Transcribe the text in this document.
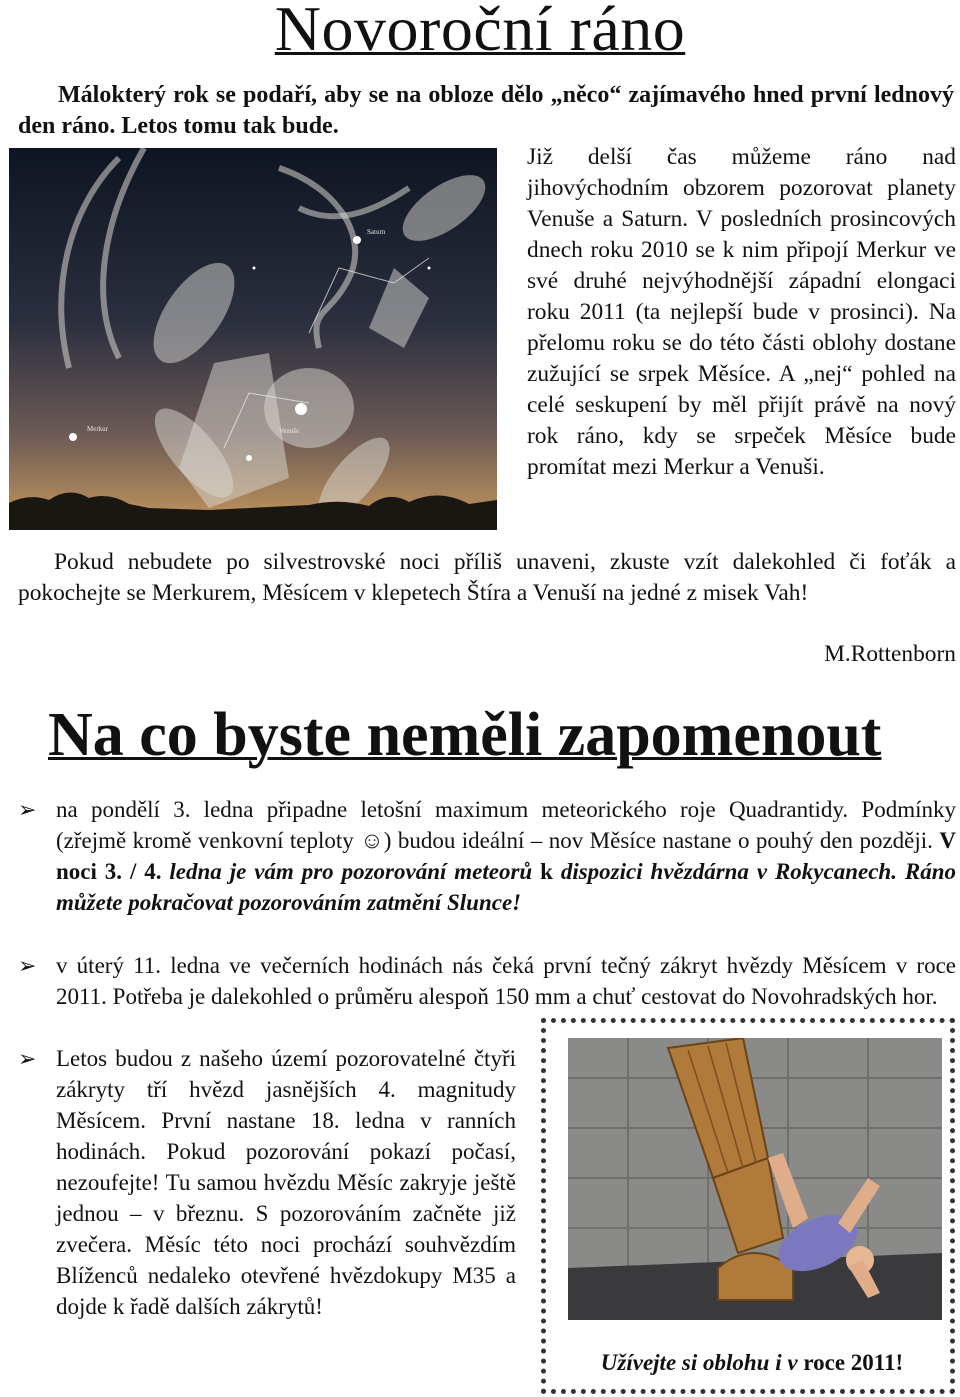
Novoroční ráno

Málokterý rok se podaří, aby se na obloze dělo „něco“ zajímavého hned první lednový den ráno. Letos tomu tak bude.

Saturn
Venuše
Merkur

Již delší čas můžeme ráno nad jihovýchodním obzorem pozorovat planety Venuše a Saturn. V posledních prosincových dnech roku 2010 se k nim připojí Merkur ve své druhé nejvýhodnější západní elongaci roku 2011 (ta nejlepší bude v prosinci). Na přelomu roku se do této části oblohy dostane zužující se srpek Měsíce. A „nej“ pohled na celé seskupení by měl přijít právě na nový rok ráno, kdy se srpeček Měsíce bude promítat mezi Merkur a Venuši.

Pokud nebudete po silvestrovské noci příliš unaveni, zkuste vzít dalekohled či foťák a pokochejte se Merkurem, Měsícem v klepetech Štíra a Venuší na jedné z misek Vah!

M.Rottenborn
Na co byste neměli zapomenout
➢ na pondělí 3. ledna připadne letošní maximum meteorického roje Quadrantidy. Podmínky (zřejmě kromě venkovní teploty ☺) budou ideální – nov Měsíce nastane o pouhý den později. V noci 3. / 4. ledna je vám pro pozorování meteorů k dispozici hvězdárna v Rokycanech. Ráno můžete pokračovat pozorováním zatmění Slunce!

➢ v úterý 11. ledna ve večerních hodinách nás čeká první tečný zákryt hvězdy Měsícem v roce 2011. Potřeba je dalekohled o průměru alespoň 150 mm a chuť cestovat do Novohradských hor.

➢ Letos budou z našeho území pozorovatelné čtyři zákryty tří hvězd jasnějších 4. magnitudy Měsícem. První nastane 18. ledna v ranních hodinách. Pokud pozorování pokazí počasí, nezoufejte! Tu samou hvězdu Měsíc zakryje ještě jednou – v březnu. S pozorováním začněte již zvečera. Měsíc této noci prochází souhvězdím Blíženců nedaleko otevřené hvězdokupy M35 a dojde k řadě dalších zákrytů!

Užívejte si oblohu i v roce 2011!
